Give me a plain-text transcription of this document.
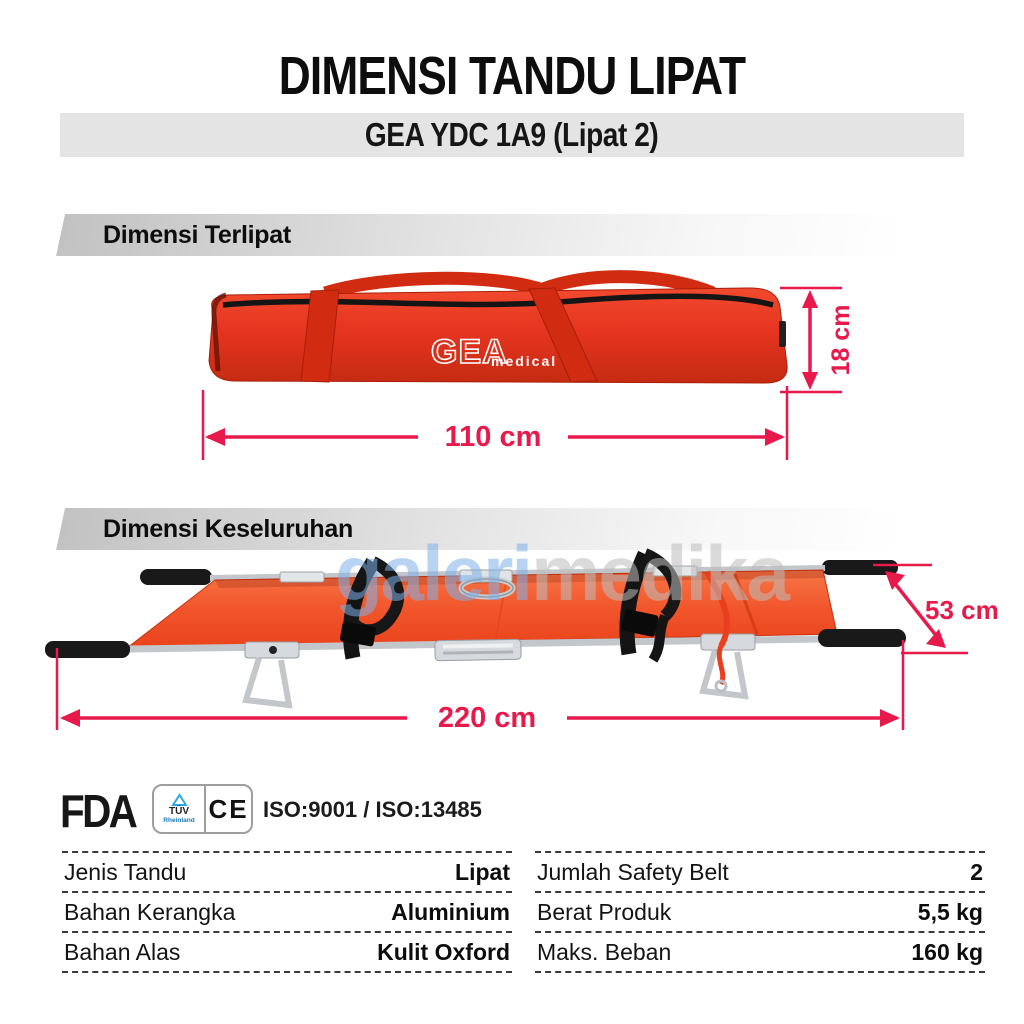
DIMENSI TANDU LIPAT
GEA YDC 1A9 (Lipat 2)
Dimensi Terlipat
GEA
medical
110 cm
18 cm
Dimensi Keseluruhan
galerimedika
220 cm
53 cm
FDA	TÜV
Rheinland CE ISO:9001 / ISO:13485
Jenis Tandu	Lipat
Bahan Kerangka	Aluminium
Bahan Alas	Kulit Oxford
Jumlah Safety Belt	2
Berat Produk	5,5 kg
Maks. Beban	160 kg
